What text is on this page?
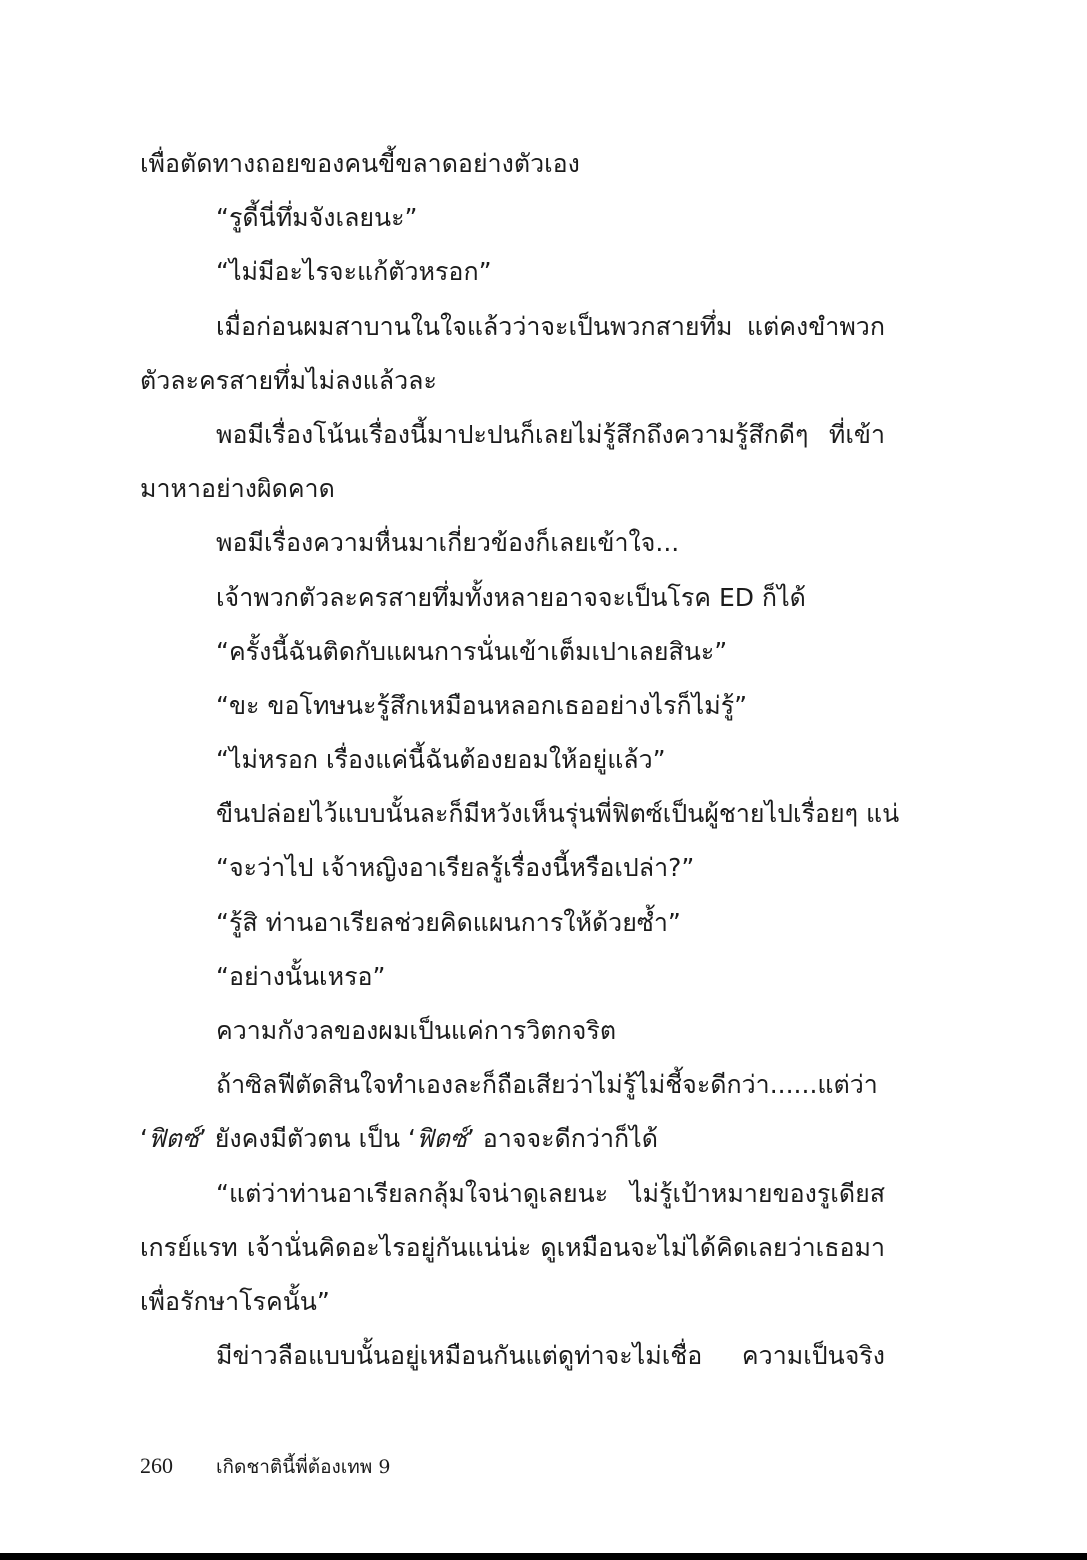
เพื่อตัดทางถอยของคนขี้ขลาดอย่างตัวเอง
“รูดี้นี่ทึ่มจังเลยนะ”
“ไม่มีอะไรจะแก้ตัวหรอก”
เมื่อก่อนผมสาบานในใจแล้วว่าจะเป็นพวกสายทึ่ม แต่คงขำพวก
ตัวละครสายทึ่มไม่ลงแล้วละ
พอมีเรื่องโน้นเรื่องนี้มาปะปนก็เลยไม่รู้สึกถึงความรู้สึกดีๆ ที่เข้า
มาหาอย่างผิดคาด
พอมีเรื่องความหื่นมาเกี่ยวข้องก็เลยเข้าใจ...
เจ้าพวกตัวละครสายทึ่มทั้งหลายอาจจะเป็นโรค ED ก็ได้
“ครั้งนี้ฉันติดกับแผนการนั่นเข้าเต็มเปาเลยสินะ”
“ขะ ขอโทษนะรู้สึกเหมือนหลอกเธออย่างไรก็ไม่รู้”
“ไม่หรอก เรื่องแค่นี้ฉันต้องยอมให้อยู่แล้ว”
ขืนปล่อยไว้แบบนั้นละก็มีหวังเห็นรุ่นพี่ฟิตซ์เป็นผู้ชายไปเรื่อยๆ แน่
“จะว่าไป เจ้าหญิงอาเรียลรู้เรื่องนี้หรือเปล่า?”
“รู้สิ ท่านอาเรียลช่วยคิดแผนการให้ด้วยซ้ำ”
“อย่างนั้นเหรอ”
ความกังวลของผมเป็นแค่การวิตกจริต
ถ้าซิลฟีตัดสินใจทำเองละก็ถือเสียว่าไม่รู้ไม่ชี้จะดีกว่า......แต่ว่า
‘ฟิตซ์’ ยังคงมีตัวตน เป็น ‘ฟิตซ์’ อาจจะดีกว่าก็ได้
“แต่ว่าท่านอาเรียลกลุ้มใจน่าดูเลยนะ ไม่รู้เป้าหมายของรูเดียส
เกรย์แรท เจ้านั่นคิดอะไรอยู่กันแน่น่ะ ดูเหมือนจะไม่ได้คิดเลยว่าเธอมา
เพื่อรักษาโรคนั้น”
มีข่าวลือแบบนั้นอยู่เหมือนกันแต่ดูท่าจะไม่เชื่อ ความเป็นจริง
260 เกิดชาตินี้พี่ต้องเทพ 9
